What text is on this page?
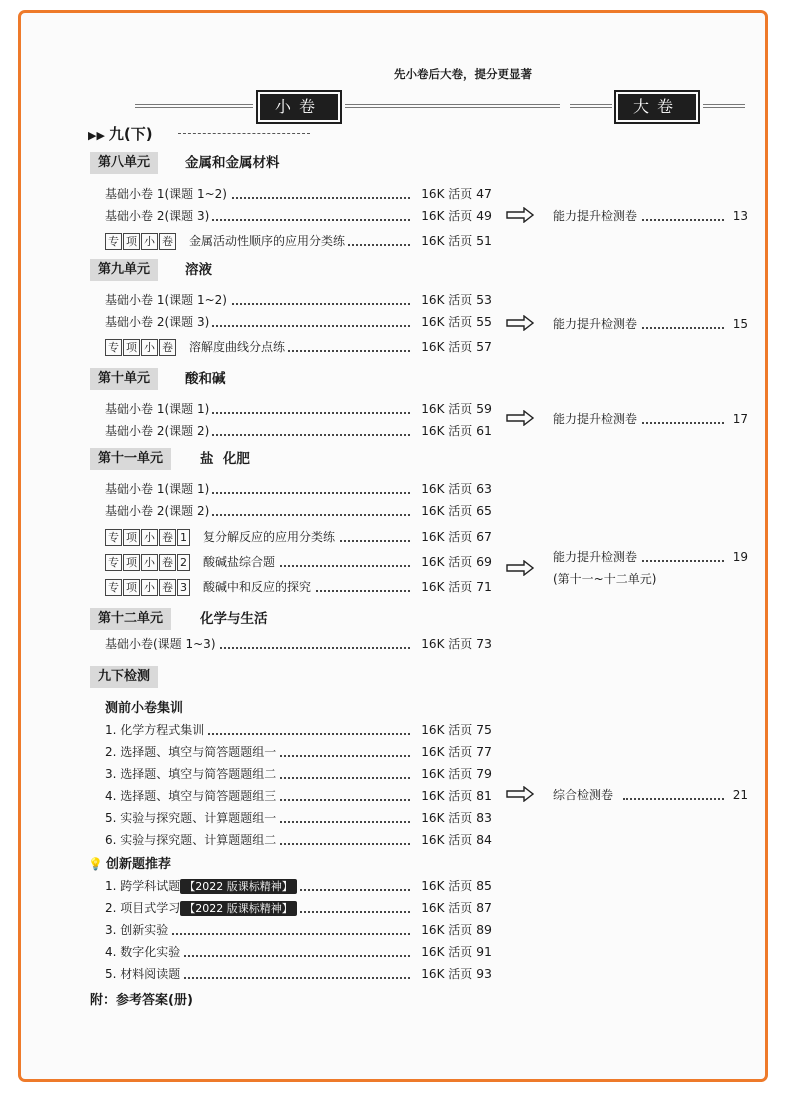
先小卷后大卷，提分更显著
小卷	大卷
▶▶ 九(下)
第八单元	金属和金属材料
基础小卷 1(课题 1~2)	16K 活页 47
基础小卷 2(课题 3)	16K 活页 49
专 项 小 卷 金属活动性顺序的应用分类练	16K 活页 51
第九单元	溶液
基础小卷 1(课题 1~2)	16K 活页 53
基础小卷 2(课题 3)	16K 活页 55
专 项 小 卷 溶解度曲线分点练	16K 活页 57
第十单元	酸和碱
基础小卷 1(课题 1)	16K 活页 59
基础小卷 2(课题 2)	16K 活页 61
第十一单元	盐  化肥
基础小卷 1(课题 1)	16K 活页 63
基础小卷 2(课题 2)	16K 活页 65
专 项 小 卷 1 复分解反应的应用分类练	16K 活页 67
专 项 小 卷 2 酸碱盐综合题	16K 活页 69
专 项 小 卷 3 酸碱中和反应的探究	16K 活页 71
第十二单元	化学与生活
基础小卷(课题 1~3)	16K 活页 73
九下检测
测前小卷集训
1. 化学方程式集训	16K 活页 75
2. 选择题、填空与简答题题组一	16K 活页 77
3. 选择题、填空与简答题题组二	16K 活页 79
4. 选择题、填空与简答题题组三	16K 活页 81
5. 实验与探究题、计算题题组一	16K 活页 83
6. 实验与探究题、计算题题组二	16K 活页 84
💡 创新题推荐
1. 跨学科试题 【2022 版课标精神】	16K 活页 85
2. 项目式学习 【2022 版课标精神】	16K 活页 87
3. 创新实验	16K 活页 89
4. 数字化实验	16K 活页 91
5. 材料阅读题	16K 活页 93
附：参考答案(册)
能力提升检测卷	13
能力提升检测卷	15
能力提升检测卷	17
能力提升检测卷	19
(第十一~十二单元)
综合检测卷	21
